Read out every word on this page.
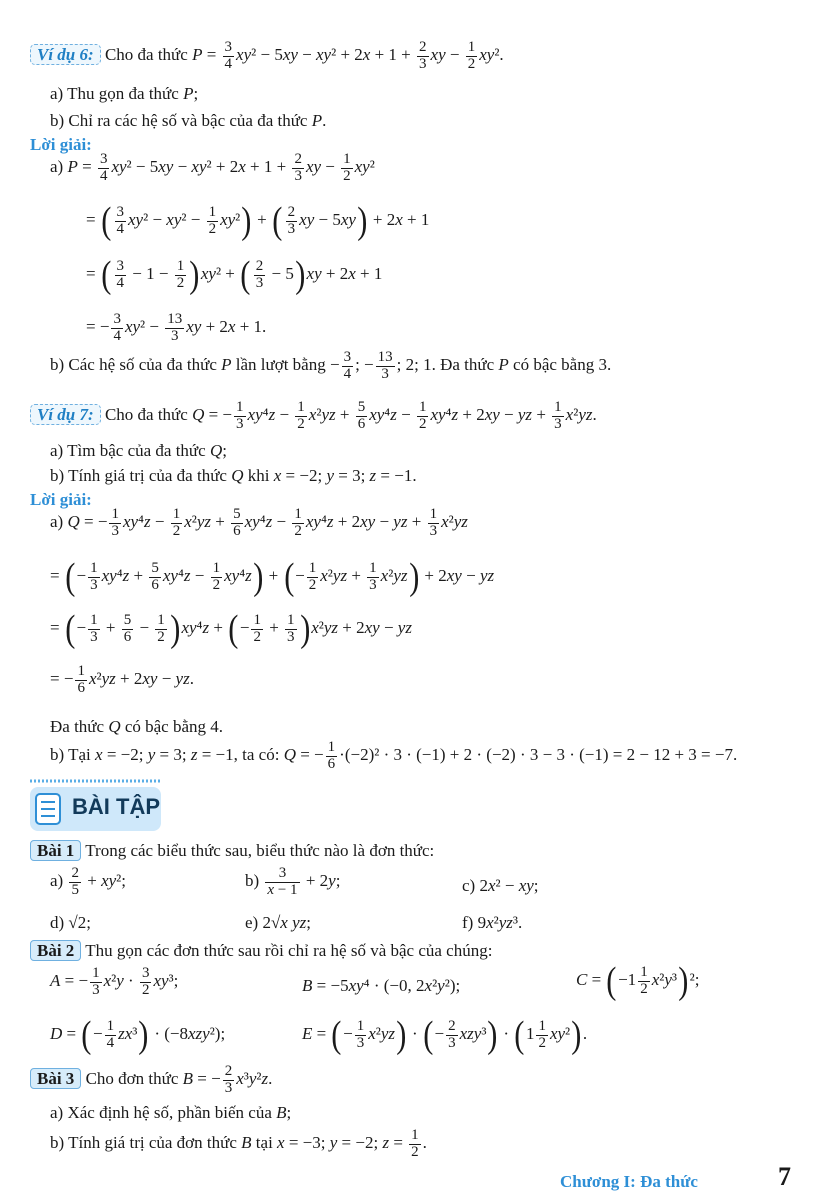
Ví dụ 6: Cho đa thức $P = \frac{3}{4} xy^2 - 5xy - xy^2 + 2x + 1 + \frac{2}{3}$ xy − $\frac{1}{2} xy^2$.
a) Thu gọn đa thức P;
b) Chỉ ra các hệ số và bậc của đa thức P.
Lời giải:
a) $P = \frac{3}{4} xy^2 - 5xy - xy^2 + 2x + 1 + \frac{2}{3}$ xy − $\frac{1}{2} xy^2$
= ( $\frac{3}{4} xy^2 - xy^2 - \frac{1}{2} xy^2$) + ( $\frac{2}{3}$ xy − 5xy) + 2x + 1
= ( $\frac{3}{4} - 1 - \frac{1}{2} )xy^2$ + ( $\frac{2}{3} - 5)xy + 2x + 1$
= − $\frac{3}{4} xy^2 - \frac{13}{3}$ xy + 2x + 1.
b) Các hệ số của đa thức P lần lượt bằng − $\frac{3}{4}$ ; − $\frac{13}{3}$ ; 2; 1. Đa thức P có bậc bằng 3.
Ví dụ 7: Cho đa thức Q = − $\frac{1}{3} xy^4z - \frac{1}{2} x^2yz + \frac{5}{6} xy^4z - \frac{1}{2} xy^4z + 2xy$ − yz + $\frac{1}{3} x^2yz$.
a) Tìm bậc của đa thức Q;
b) Tính giá trị của đa thức Q khi x = −2; y = 3; z = −1.
Lời giải:
a) Q = − $\frac{1}{3} xy^4z - \frac{1}{2} x^2yz + \frac{5}{6} xy^4z - \frac{1}{2} xy^4z + 2xy$ − yz + $\frac{1}{3} x^2yz$
= (− $\frac{1}{3} xy^4z + \frac{5}{6} xy^4z - \frac{1}{2} xy^4z$) + (− $\frac{1}{2} x^2yz + \frac{1}{3} x^2yz) + 2xy$ − yz
= (− $\frac{1}{3} + \frac{5}{6} - \frac{1}{2} )xy^4z$ + (− $\frac{1}{2} + \frac{1}{3} )x^2yz + 2xy$ − yz
= − $\frac{1}{6} x^2yz + 2xy$ − yz.
Đa thức Q có bậc bằng 4.
b) Tại x = −2; y = 3; z = −1, ta có: Q = − $\frac{1}{6} \cdot(-2)^2 \cdot 3 \cdot (-1) + 2 \cdot (-2) \cdot 3 - 3 \cdot (-1) = 2 - 12 + 3 = -7$.
BÀI TẬP
Bài 1 Trong các biểu thức sau, biểu thức nào là đơn thức:
$a) \frac{2}{5} + xy^2$;	$b) \frac{3}{x - 1} + 2y$;	c) 2x² − xy;
d) √2;	e) 2√x yz;	f) 9x²yz³.
Bài 2 Thu gọn các đơn thức sau rồi chỉ ra hệ số và bậc của chúng:
A = − $\frac{1}{3} x^2y \cdot \frac{3}{2} xy^3$;	B = −5xy⁴ · (−0, 2x²y²);	$C = (-1 \frac{1}{2} x^2y^3)^2$;
D = (− $\frac{1}{4} zx^3) \cdot (-8xzy^2)$;	E = (− $\frac{1}{3} x^2yz$) · (− $\frac{2}{3} xzy^3) \cdot (1 \frac{1}{2} xy^2)$.
Bài 3 Cho đơn thức B = − $\frac{2}{3} x^3y^2z$.
a) Xác định hệ số, phần biến của B;
b) Tính giá trị của đơn thức B tại x = −3; y = −2; $z = \frac{1}{2}$ .
Chương I: Đa thức	7
